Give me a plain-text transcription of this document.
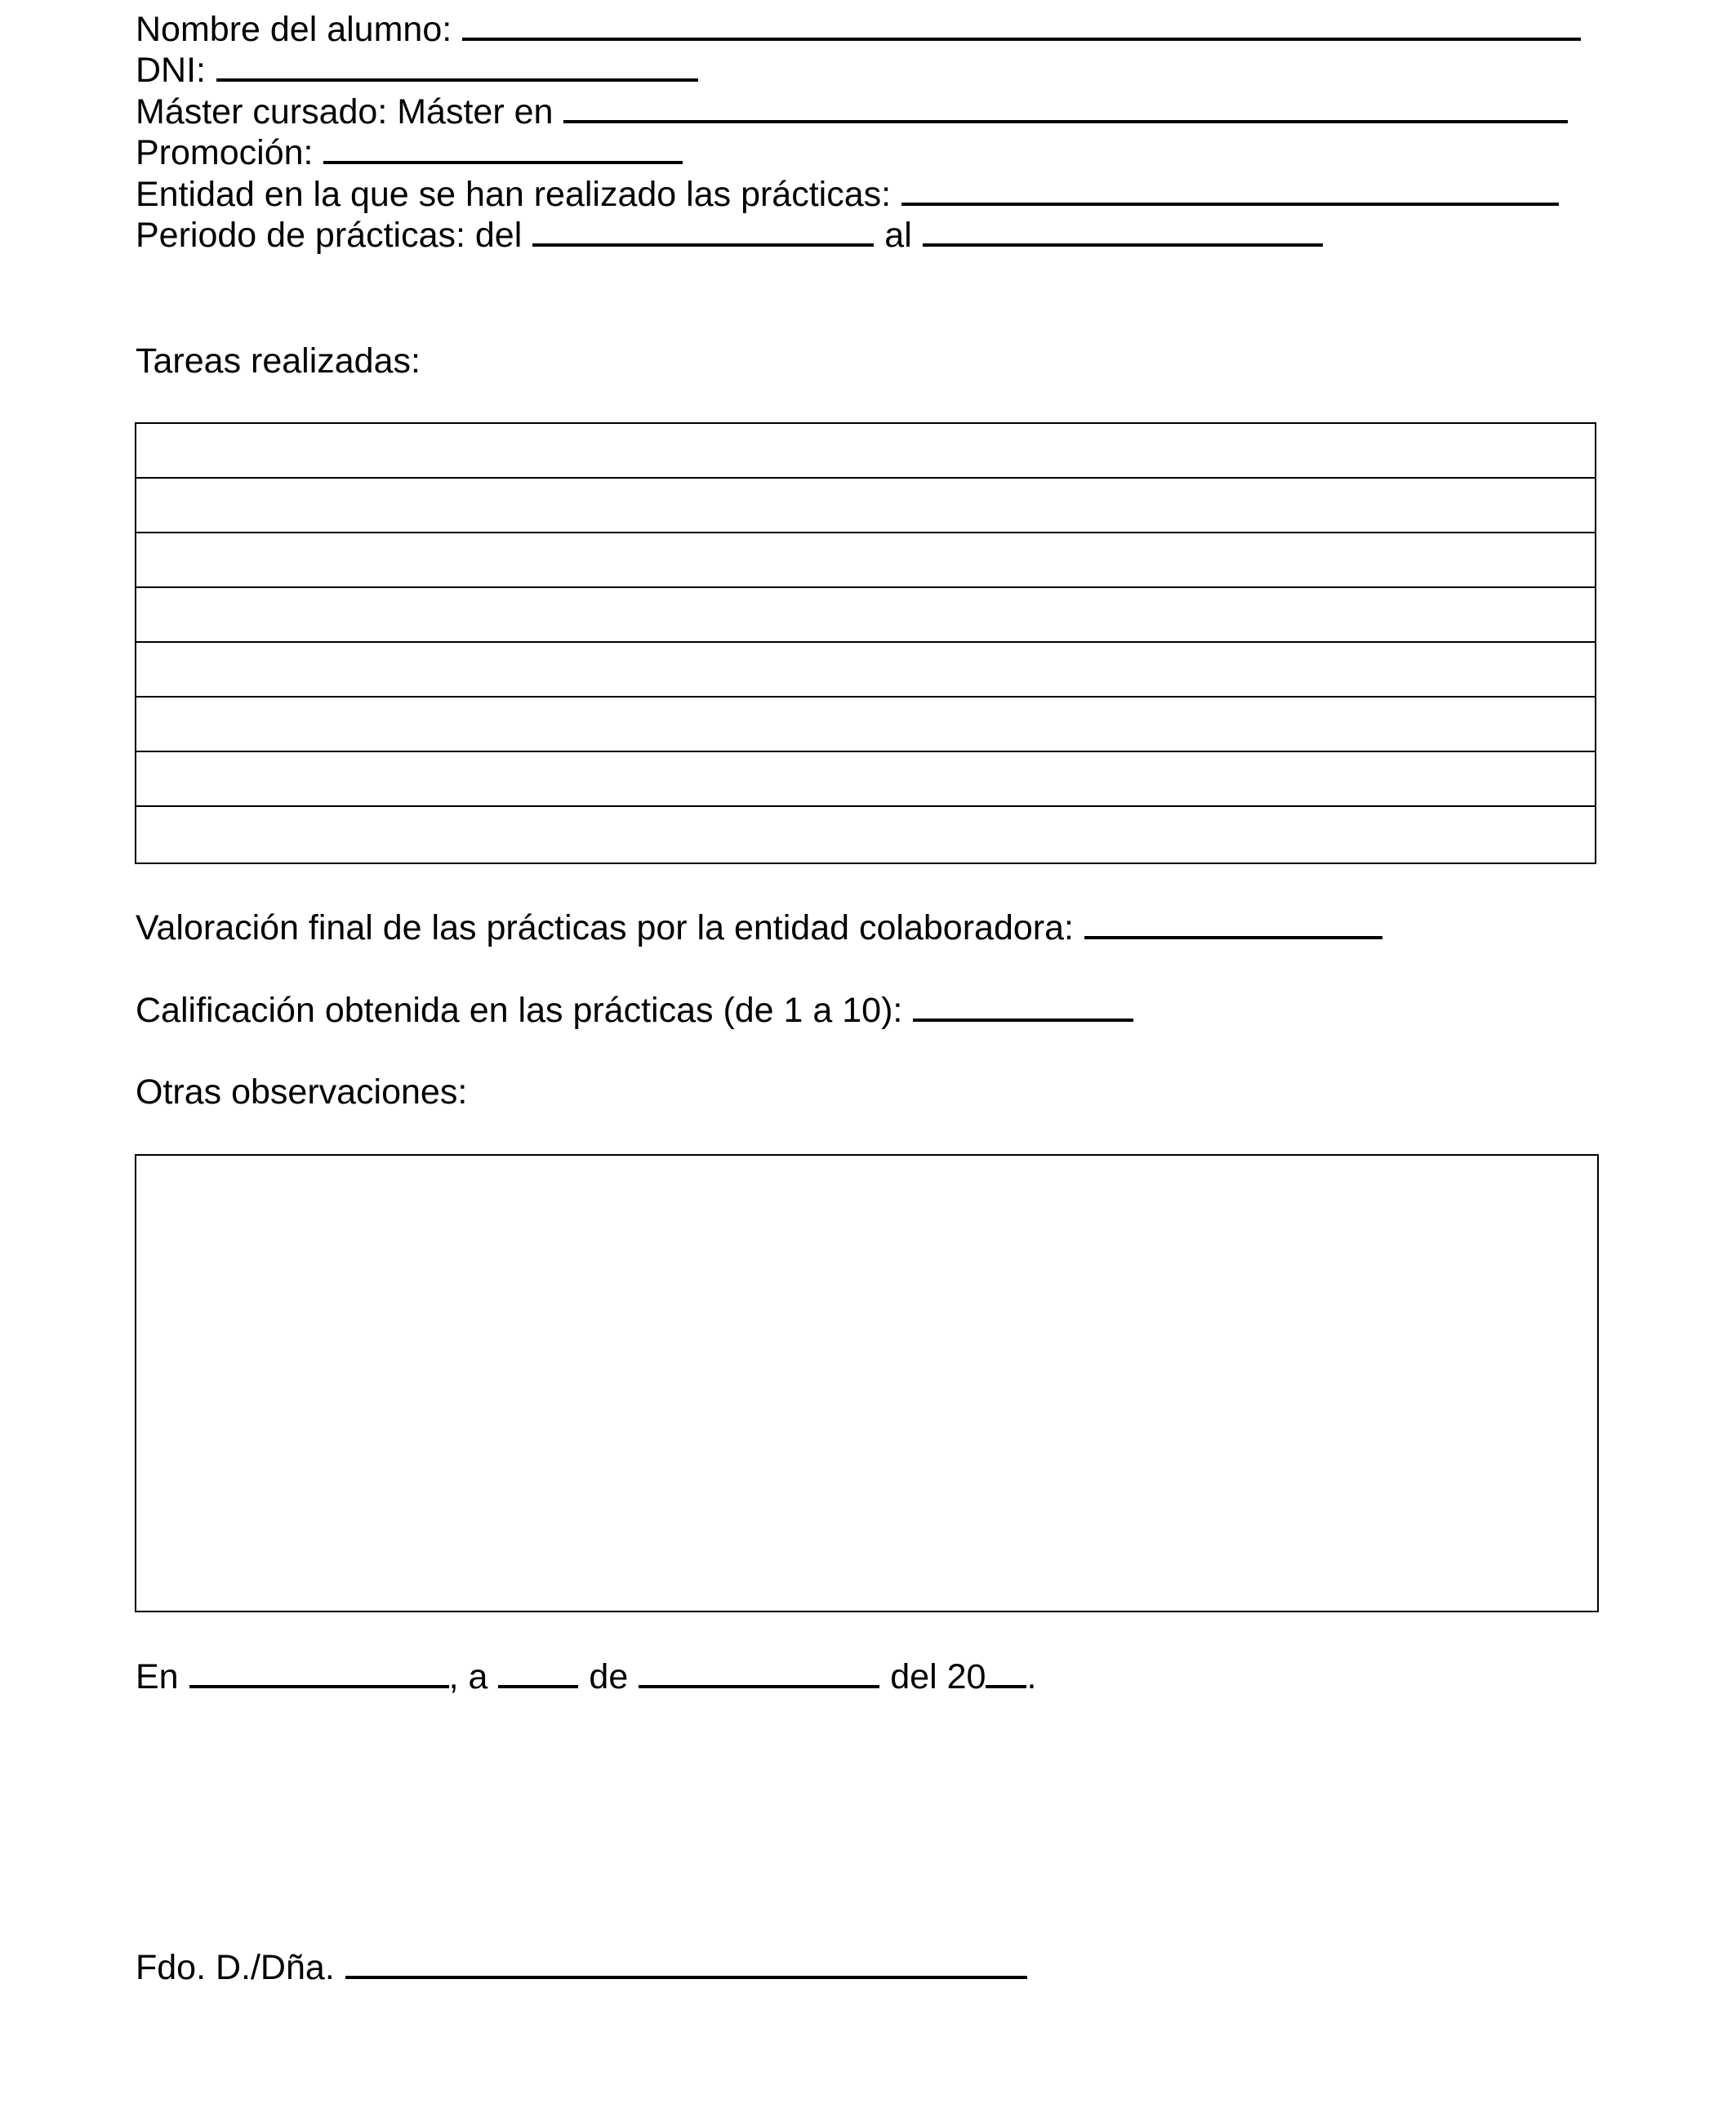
Nombre del alumno:
DNI:
Máster cursado: Máster en
Promoción:
Entidad en la que se han realizado las prácticas:
Periodo de prácticas: del	al
Tareas realizadas:
Valoración final de las prácticas por la entidad colaboradora:
Calificación obtenida en las prácticas (de 1 a 10):
Otras observaciones:
En	, a	de	del 20 .
Fdo. D./Dña.
